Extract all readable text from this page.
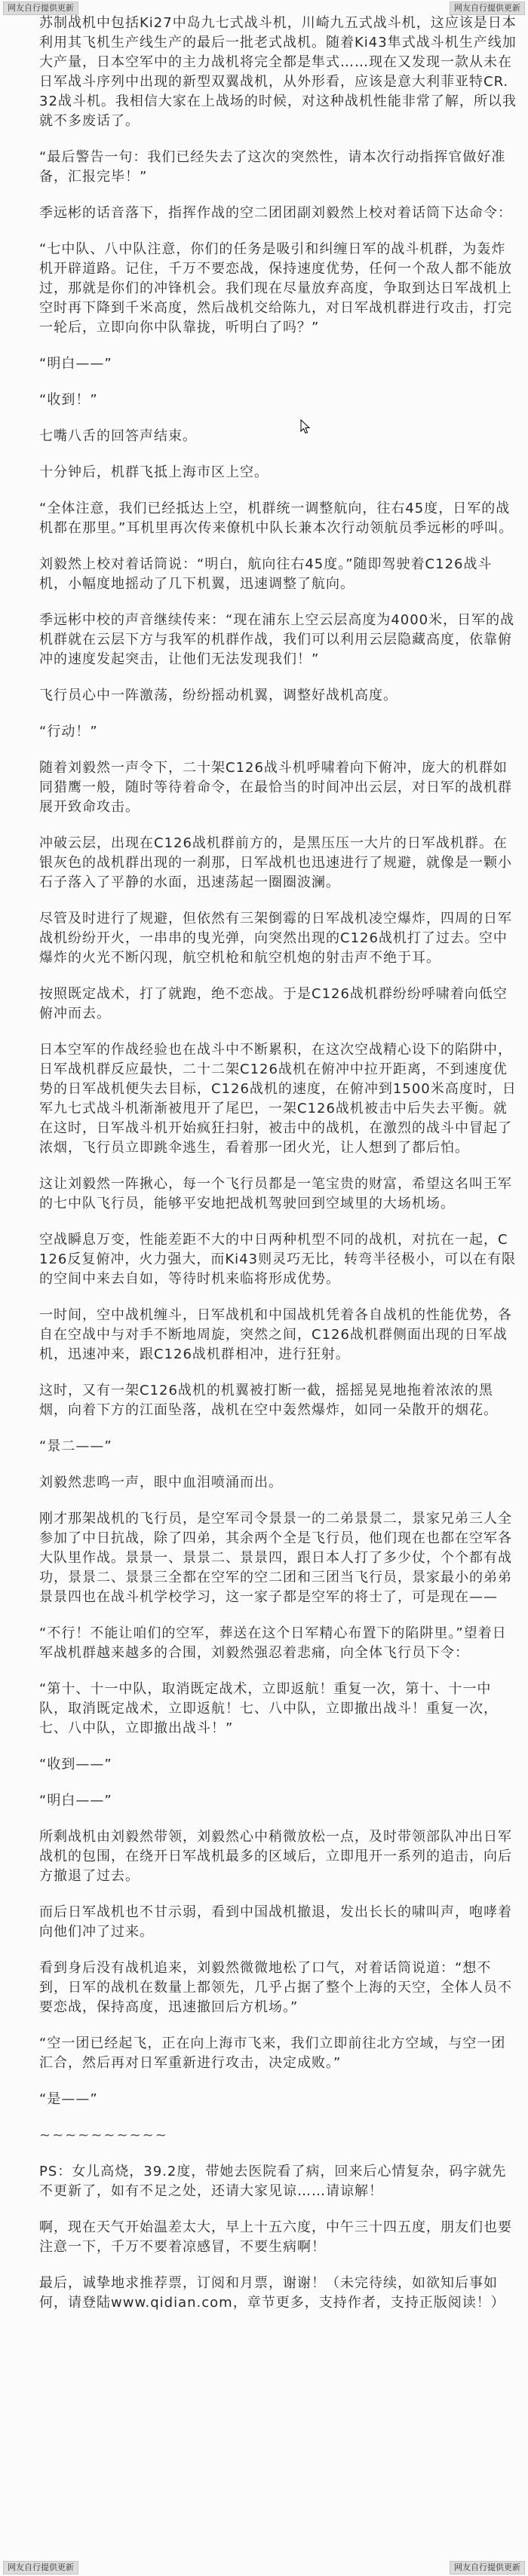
网友自行提供更新	网友自行提供更新

苏制战机中包括Ki27中岛九七式战斗机，川崎九五式战斗机，这应该是日本利用其飞机生产线生产的最后一批老式战机。随着Ki43隼式战斗机生产线加大产量，日本空军中的主力战机将完全都是隼式……现在又发现一款从未在日军战斗序列中出现的新型双翼战机，从外形看，应该是意大利菲亚特CR.32战斗机。我相信大家在上战场的时候，对这种战机性能非常了解，所以我就不多废话了。

“最后警告一句：我们已经失去了这次的突然性，请本次行动指挥官做好准备，汇报完毕！”

季远彬的话音落下，指挥作战的空二团团副刘毅然上校对着话筒下达命令：

“七中队、八中队注意，你们的任务是吸引和纠缠日军的战斗机群，为轰炸机开辟道路。记住，千万不要恋战，保持速度优势，任何一个敌人都不能放过，那就是你们的冲锋机会。我们现在尽量放弃高度，争取到达日军战机上空时再下降到千米高度，然后战机交给陈九，对日军战机群进行攻击，打完一轮后，立即向你中队靠拢，听明白了吗？”

“明白——”

“收到！”

七嘴八舌的回答声结束。

十分钟后，机群飞抵上海市区上空。

“全体注意，我们已经抵达上空，机群统一调整航向，往右45度，日军的战机都在那里。”耳机里再次传来僚机中队长兼本次行动领航员季远彬的呼叫。

刘毅然上校对着话筒说：“明白，航向往右45度。”随即驾驶着C126战斗机，小幅度地摇动了几下机翼，迅速调整了航向。

季远彬中校的声音继续传来：“现在浦东上空云层高度为4000米，日军的战机群就在云层下方与我军的机群作战，我们可以利用云层隐藏高度，依靠俯冲的速度发起突击，让他们无法发现我们！”

飞行员心中一阵激荡，纷纷摇动机翼，调整好战机高度。

“行动！”

随着刘毅然一声令下，二十架C126战斗机呼啸着向下俯冲，庞大的机群如同猎鹰一般，随时等待着命令，在最恰当的时间冲出云层，对日军的战机群展开致命攻击。

冲破云层，出现在C126战机群前方的，是黑压压一大片的日军战机群。在银灰色的战机群出现的一刹那，日军战机也迅速进行了规避，就像是一颗小石子落入了平静的水面，迅速荡起一圈圈波澜。

尽管及时进行了规避，但依然有三架倒霉的日军战机凌空爆炸，四周的日军战机纷纷开火，一串串的曳光弹，向突然出现的C126战机打了过去。空中爆炸的火光不断闪现，航空机枪和航空机炮的射击声不绝于耳。

按照既定战术，打了就跑，绝不恋战。于是C126战机群纷纷呼啸着向低空俯冲而去。

日本空军的作战经验也在战斗中不断累积，在这次空战精心设下的陷阱中，日军战机群反应最快，二十二架C126战机在俯冲中拉开距离，不到速度优势的日军战机便失去目标，C126战机的速度，在俯冲到1500米高度时，日军九七式战斗机渐渐被甩开了尾巴，一架C126战机被击中后失去平衡。就在这时，日军战斗机开始疯狂扫射，被击中的战机，在激烈的战斗中冒起了浓烟，飞行员立即跳伞逃生，看着那一团火光，让人想到了都后怕。

这让刘毅然一阵揪心，每一个飞行员都是一笔宝贵的财富，希望这名叫王军的七中队飞行员，能够平安地把战机驾驶回到空域里的大场机场。

空战瞬息万变，性能差距不大的中日两种机型不同的战机，对抗在一起，C126反复俯冲，火力强大，而Ki43则灵巧无比，转弯半径极小，可以在有限的空间中来去自如，等待时机来临将形成优势。

一时间，空中战机缠斗，日军战机和中国战机凭着各自战机的性能优势，各自在空战中与对手不断地周旋，突然之间，C126战机群侧面出现的日军战机，迅速冲来，跟C126战机群相冲，进行狂射。

这时，又有一架C126战机的机翼被打断一截，摇摇晃晃地拖着浓浓的黑烟，向着下方的江面坠落，战机在空中轰然爆炸，如同一朵散开的烟花。

“景二——”

刘毅然悲鸣一声，眼中血泪喷涌而出。

刚才那架战机的飞行员，是空军司令景景一的二弟景景二，景家兄弟三人全参加了中日抗战，除了四弟，其余两个全是飞行员，他们现在也都在空军各大队里作战。景景一、景景二、景景四，跟日本人打了多少仗，个个都有战功，景景二、景景三全都在空军的空二团和三团当飞行员，景家最小的弟弟景景四也在战斗机学校学习，这一家子都是空军的将士了，可是现在——

“不行！不能让咱们的空军，葬送在这个日军精心布置下的陷阱里。”望着日军战机群越来越多的合围，刘毅然强忍着悲痛，向全体飞行员下令：

“第十、十一中队，取消既定战术，立即返航！重复一次，第十、十一中队，取消既定战术，立即返航！七、八中队，立即撤出战斗！重复一次，七、八中队，立即撤出战斗！”

“收到——”

“明白——”

所剩战机由刘毅然带领，刘毅然心中稍微放松一点，及时带领部队冲出日军战机的包围，在绕开日军战机最多的区域后，立即甩开一系列的追击，向后方撤退了过去。

而后日军战机也不甘示弱，看到中国战机撤退，发出长长的啸叫声，咆哮着向他们冲了过来。

看到身后没有战机追来，刘毅然微微地松了口气，对着话筒说道：“想不到，日军的战机在数量上都领先，几乎占据了整个上海的天空，全体人员不要恋战，保持高度，迅速撤回后方机场。”

“空一团已经起飞，正在向上海市飞来，我们立即前往北方空域，与空一团汇合，然后再对日军重新进行攻击，决定成败。”

“是——”

~~~~~~~~~~

PS：女儿高烧，39.2度，带她去医院看了病，回来后心情复杂，码字就先不更新了，如有不足之处，还请大家见谅……请谅解！

啊，现在天气开始温差太大，早上十五六度，中午三十四五度，朋友们也要注意一下，千万不要着凉感冒，不要生病啊！

最后，诚挚地求推荐票，订阅和月票，谢谢！（未完待续，如欲知后事如何，请登陆www.qidian.com，章节更多，支持作者，支持正版阅读！）

网友自行提供更新	网友自行提供更新
